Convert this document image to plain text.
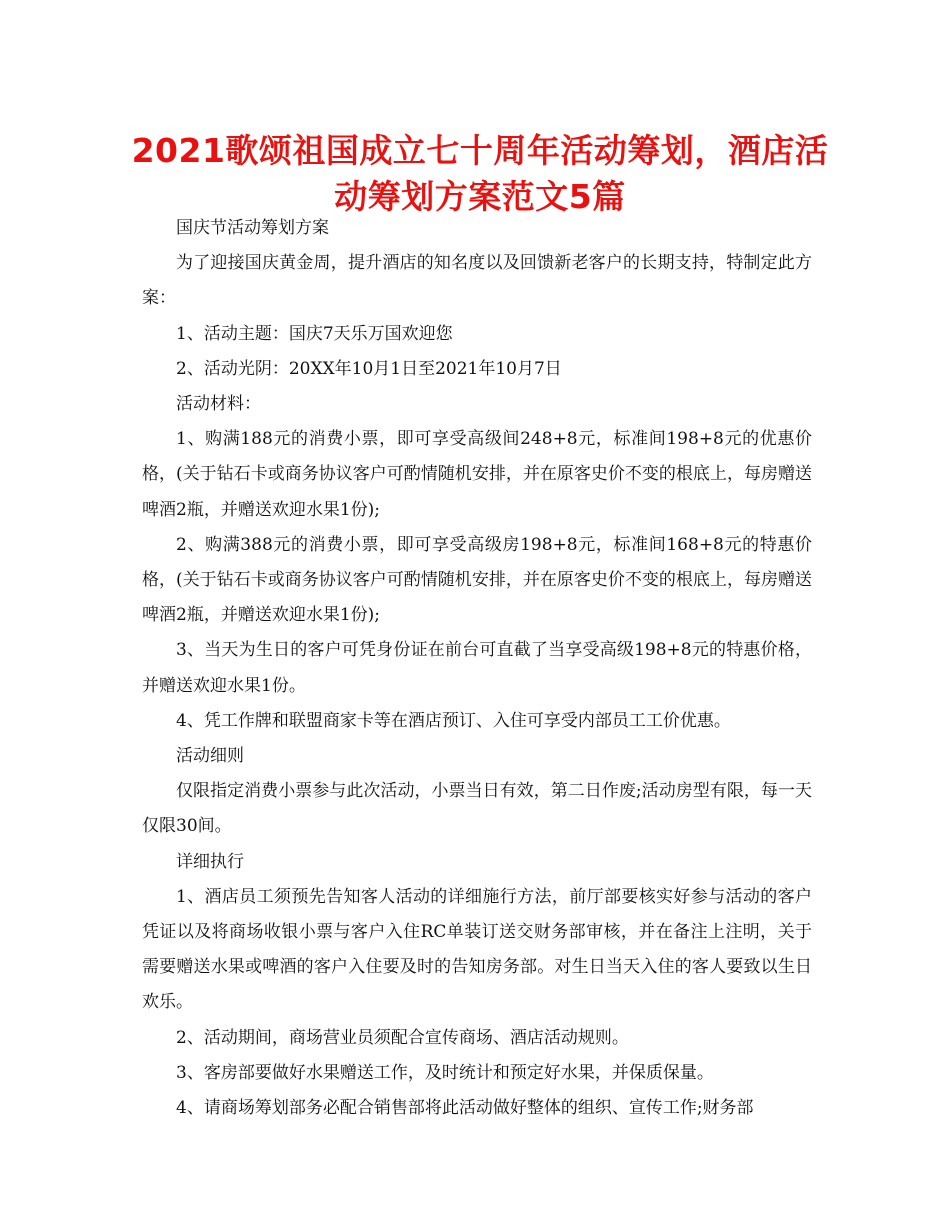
2021歌颂祖国成立七十周年活动筹划，酒店活动筹划方案范文5篇

国庆节活动筹划方案

为了迎接国庆黄金周，提升酒店的知名度以及回馈新老客户的长期支持，特制定此方案：

1、活动主题：国庆7天乐万国欢迎您

2、活动光阴：20XX年10月1日至2021年10月7日

活动材料：

1、购满188元的消费小票，即可享受高级间248+8元，标准间198+8元的优惠价格，(关于钻石卡或商务协议客户可酌情随机安排，并在原客史价不变的根底上，每房赠送啤酒2瓶，并赠送欢迎水果1份);

2、购满388元的消费小票，即可享受高级房198+8元，标准间168+8元的特惠价格，(关于钻石卡或商务协议客户可酌情随机安排，并在原客史价不变的根底上，每房赠送啤酒2瓶，并赠送欢迎水果1份);

3、当天为生日的客户可凭身份证在前台可直截了当享受高级198+8元的特惠价格，并赠送欢迎水果1份。

4、凭工作牌和联盟商家卡等在酒店预订、入住可享受内部员工工价优惠。

活动细则

仅限指定消费小票参与此次活动，小票当日有效，第二日作废;活动房型有限，每一天仅限30间。

详细执行

1、酒店员工须预先告知客人活动的详细施行方法，前厅部要核实好参与活动的客户凭证以及将商场收银小票与客户入住RC单装订送交财务部审核，并在备注上注明，关于需要赠送水果或啤酒的客户入住要及时的告知房务部。对生日当天入住的客人要致以生日欢乐。

2、活动期间，商场营业员须配合宣传商场、酒店活动规则。

3、客房部要做好水果赠送工作，及时统计和预定好水果，并保质保量。

4、请商场筹划部务必配合销售部将此活动做好整体的组织、宣传工作;财务部
